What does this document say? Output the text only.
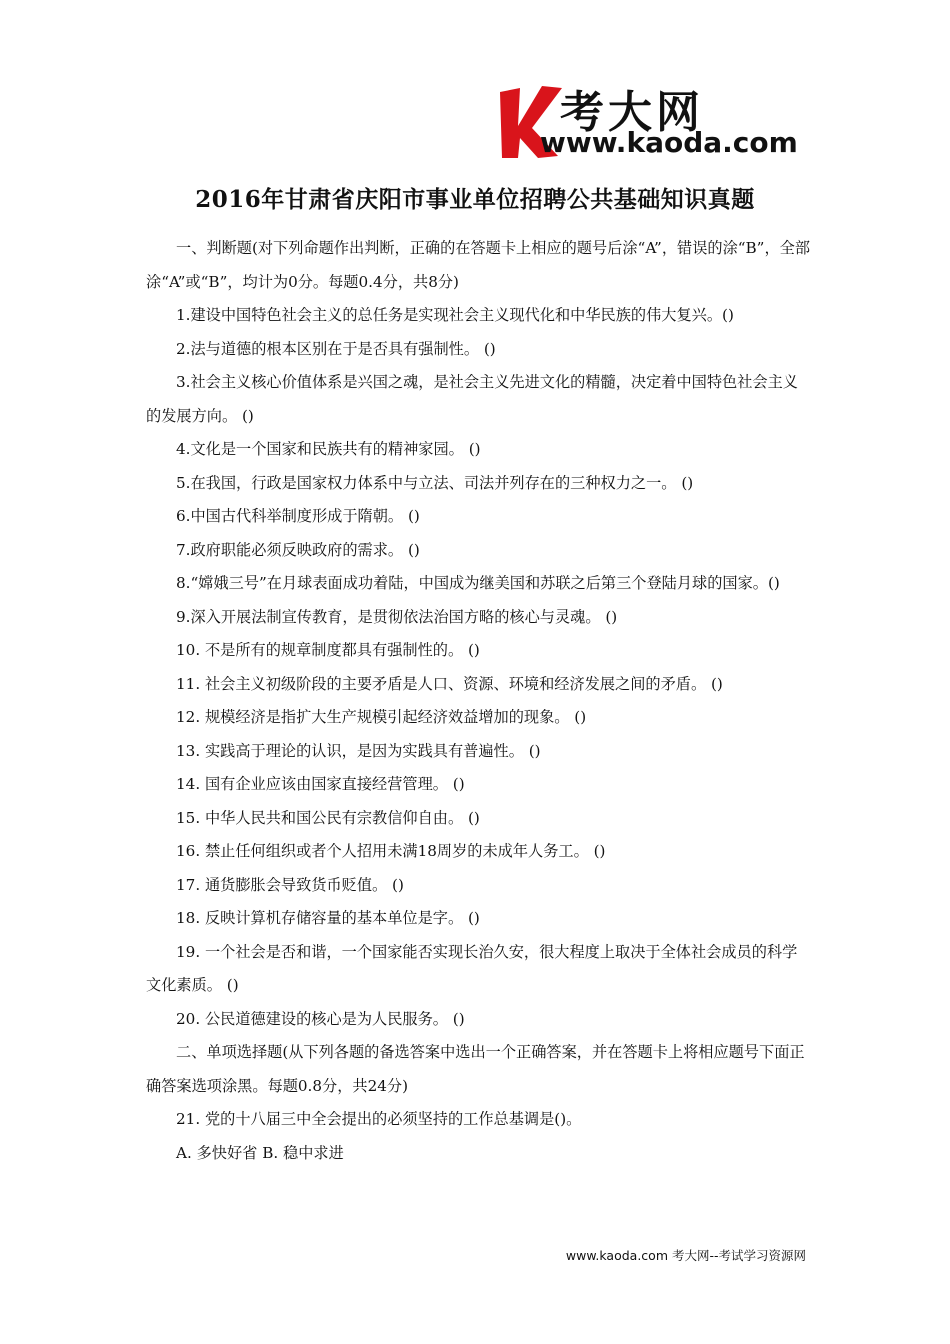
考大网
www.kaoda.com
2016年甘肃省庆阳市事业单位招聘公共基础知识真题

一、判断题(对下列命题作出判断，正确的在答题卡上相应的题号后涂“A”，错误的涂“B”，全部涂“A”或“B”，均计为0分。每题0.4分，共8分)

1.建设中国特色社会主义的总任务是实现社会主义现代化和中华民族的伟大复兴。()

2.法与道德的根本区别在于是否具有强制性。 ()

3.社会主义核心价值体系是兴国之魂，是社会主义先进文化的精髓，决定着中国特色社会主义的发展方向。 ()

4.文化是一个国家和民族共有的精神家园。 ()

5.在我国，行政是国家权力体系中与立法、司法并列存在的三种权力之一。 ()

6.中国古代科举制度形成于隋朝。 ()

7.政府职能必须反映政府的需求。 ()

8.“嫦娥三号”在月球表面成功着陆，中国成为继美国和苏联之后第三个登陆月球的国家。()

9.深入开展法制宣传教育，是贯彻依法治国方略的核心与灵魂。 ()

10. 不是所有的规章制度都具有强制性的。 ()

11. 社会主义初级阶段的主要矛盾是人口、资源、环境和经济发展之间的矛盾。 ()

12. 规模经济是指扩大生产规模引起经济效益增加的现象。 ()

13. 实践高于理论的认识，是因为实践具有普遍性。 ()

14. 国有企业应该由国家直接经营管理。 ()

15. 中华人民共和国公民有宗教信仰自由。 ()

16. 禁止任何组织或者个人招用未满18周岁的未成年人务工。 ()

17. 通货膨胀会导致货币贬值。 ()

18. 反映计算机存储容量的基本单位是字。 ()

19. 一个社会是否和谐，一个国家能否实现长治久安，很大程度上取决于全体社会成员的科学文化素质。 ()

20. 公民道德建设的核心是为人民服务。 ()

二、单项选择题(从下列各题的备选答案中选出一个正确答案，并在答题卡上将相应题号下面正确答案选项涂黑。每题0.8分，共24分)

21. 党的十八届三中全会提出的必须坚持的工作总基调是()。

A. 多快好省 B. 稳中求进

www.kaoda.com 考大网--考试学习资源网
